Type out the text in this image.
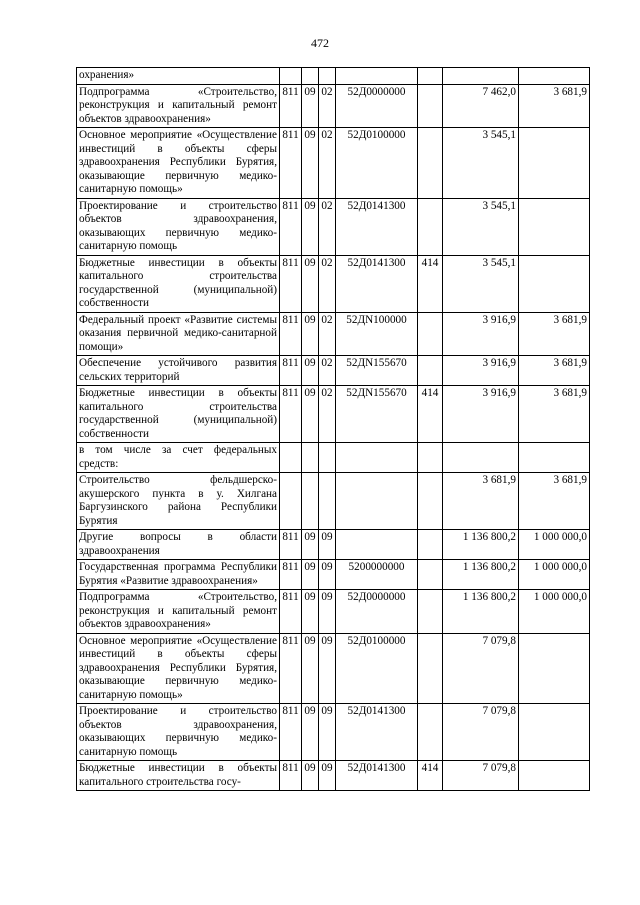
472
охранения»							
Подпрограмма «Строительство, реконструкция и капитальный ремонт объектов здравоохранения»	811	09	02	52Д0000000		7 462,0	3 681,9
Основное мероприятие «Осуществление инвестиций в объекты сферы здравоохранения Республики Бурятия, оказывающие первичную медико-санитарную помощь»	811	09	02	52Д0100000		3 545,1	
Проектирование и строительство объектов здравоохранения, оказывающих первичную медико-санитарную помощь	811	09	02	52Д0141300		3 545,1	
Бюджетные инвестиции в объекты капитального строительства государственной (муниципальной) собственности	811	09	02	52Д0141300	414	3 545,1	
Федеральный проект «Развитие системы оказания первичной медико-санитарной помощи»	811	09	02	52ДN100000		3 916,9	3 681,9
Обеспечение устойчивого развития сельских территорий	811	09	02	52ДN155670		3 916,9	3 681,9
Бюджетные инвестиции в объекты капитального строительства государственной (муниципальной) собственности	811	09	02	52ДN155670	414	3 916,9	3 681,9
в том числе за счет федеральных средств:							
Строительство фельдшерско-акушерского пункта в у. Хилгана Баргузинского района Республики Бурятия						3 681,9	3 681,9
Другие вопросы в области здравоохранения	811	09	09			1 136 800,2	1 000 000,0
Государственная программа Республики Бурятия «Развитие здравоохранения»	811	09	09	5200000000		1 136 800,2	1 000 000,0
Подпрограмма «Строительство, реконструкция и капитальный ремонт объектов здравоохранения»	811	09	09	52Д0000000		1 136 800,2	1 000 000,0
Основное мероприятие «Осуществление инвестиций в объекты сферы здравоохранения Республики Бурятия, оказывающие первичную медико-санитарную помощь»	811	09	09	52Д0100000		7 079,8	
Проектирование и строительство объектов здравоохранения, оказывающих первичную медико-санитарную помощь	811	09	09	52Д0141300		7 079,8	
Бюджетные инвестиции в объекты капитального строительства госу-	811	09	09	52Д0141300	414	7 079,8	
